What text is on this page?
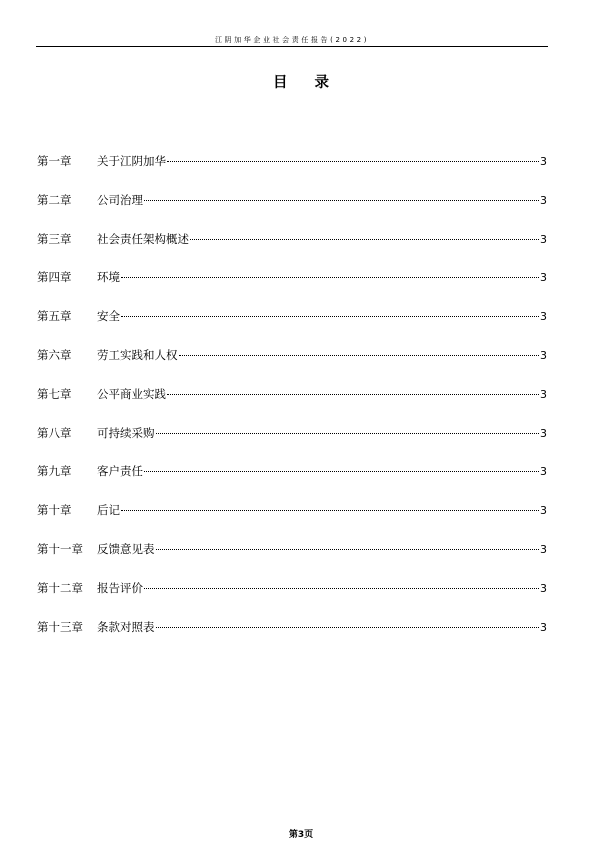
江阴加华企业社会责任报告(2022)
目录
第一章	关于江阴加华	3
第二章	公司治理	3
第三章	社会责任架构概述	3
第四章	环境	3
第五章	安全	3
第六章	劳工实践和人权	3
第七章	公平商业实践	3
第八章	可持续采购	3
第九章	客户责任	3
第十章	后记	3
第十一章	反馈意见表	3
第十二章	报告评价	3
第十三章	条款对照表	3
第3页
